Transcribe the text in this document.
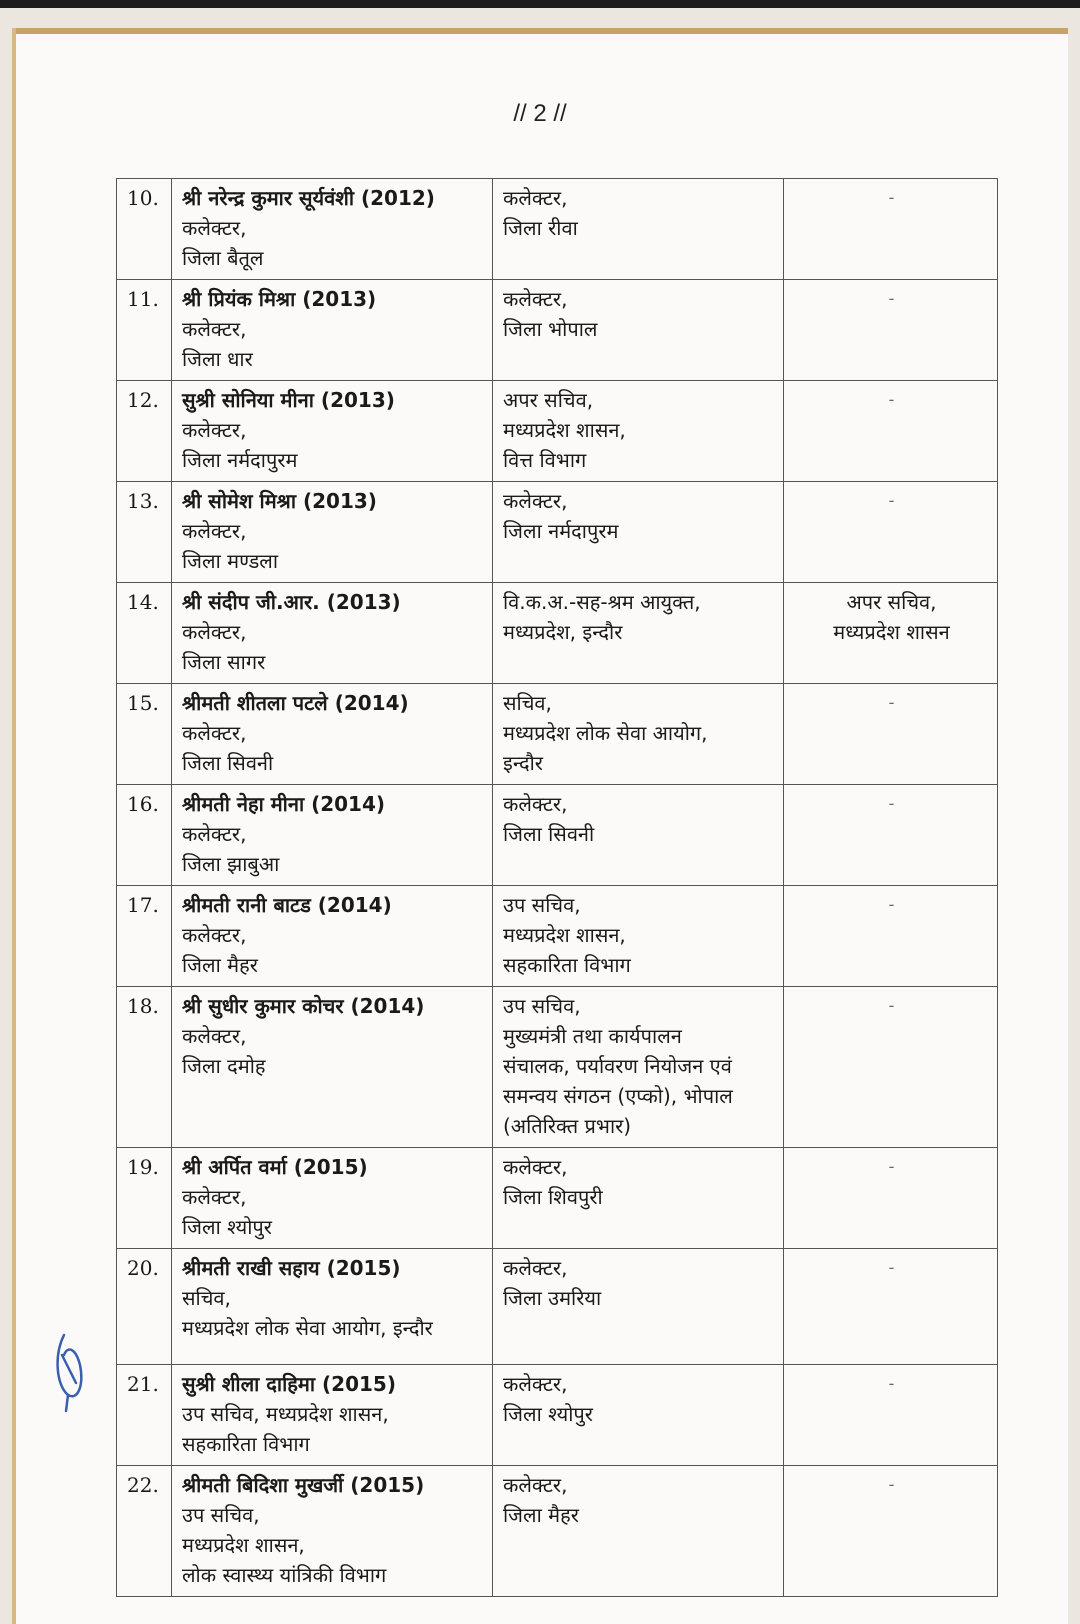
// 2 //
10.	श्री नरेन्द्र कुमार सूर्यवंशी (2012)
कलेक्टर,
जिला बैतूल	कलेक्टर,
जिला रीवा	-

11.	श्री प्रियंक मिश्रा (2013)
कलेक्टर,
जिला धार	कलेक्टर,
जिला भोपाल	-

12.	सुश्री सोनिया मीना (2013)
कलेक्टर,
जिला नर्मदापुरम	अपर सचिव,
मध्यप्रदेश शासन,
वित्त विभाग	-

13.	श्री सोमेश मिश्रा (2013)
कलेक्टर,
जिला मण्डला	कलेक्टर,
जिला नर्मदापुरम	-

14.	श्री संदीप जी.आर. (2013)
कलेक्टर,
जिला सागर	वि.क.अ.-सह-श्रम आयुक्त,
मध्यप्रदेश, इन्दौर	अपर सचिव,
मध्यप्रदेश शासन

15.	श्रीमती शीतला पटले (2014)
कलेक्टर,
जिला सिवनी	सचिव,
मध्यप्रदेश लोक सेवा आयोग,
इन्दौर	-

16.	श्रीमती नेहा मीना (2014)
कलेक्टर,
जिला झाबुआ	कलेक्टर,
जिला सिवनी	-

17.	श्रीमती रानी बाटड (2014)
कलेक्टर,
जिला मैहर	उप सचिव,
मध्यप्रदेश शासन,
सहकारिता विभाग	-

18.	श्री सुधीर कुमार कोचर (2014)
कलेक्टर,
जिला दमोह	उप सचिव,
मुख्यमंत्री तथा कार्यपालन
संचालक, पर्यावरण नियोजन एवं
समन्वय संगठन (एप्को), भोपाल
(अतिरिक्त प्रभार)	-

19.	श्री अर्पित वर्मा (2015)
कलेक्टर,
जिला श्योपुर	कलेक्टर,
जिला शिवपुरी	-

20.	श्रीमती राखी सहाय (2015)
सचिव,
मध्यप्रदेश लोक सेवा आयोग, इन्दौर	कलेक्टर,
जिला उमरिया	-

21.	सुश्री शीला दाहिमा (2015)
उप सचिव, मध्यप्रदेश शासन,
सहकारिता विभाग	कलेक्टर,
जिला श्योपुर	-

22.	श्रीमती बिदिशा मुखर्जी (2015)
उप सचिव,
मध्यप्रदेश शासन,
लोक स्वास्थ्य यांत्रिकी विभाग	कलेक्टर,
जिला मैहर	-
